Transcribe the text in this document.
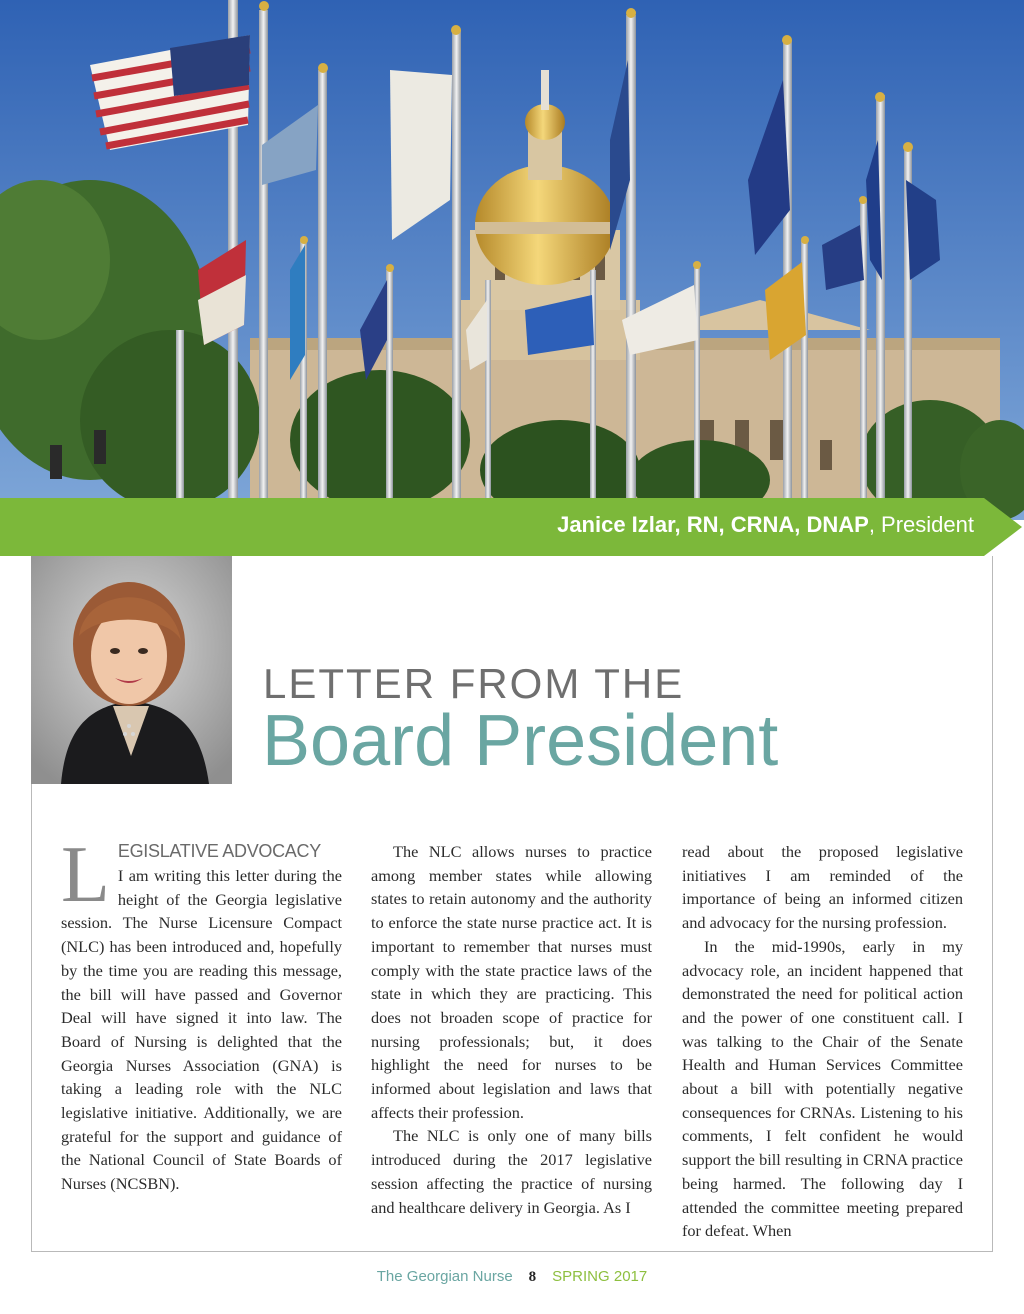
Janice Izlar, RN, CRNA, DNAP, President
LETTER FROM THE
Board President
L EGISLATIVE ADVOCACY

I am writing this letter during the height of the Georgia legislative session. The Nurse Licensure Compact (NLC) has been introduced and, hopefully by the time you are reading this message, the bill will have passed and Governor Deal will have signed it into law. The Board of Nursing is delighted that the Georgia Nurses Association (GNA) is taking a leading role with the NLC legislative initiative. Additionally, we are grateful for the support and guidance of the National Council of State Boards of Nurses (NCSBN).

The NLC allows nurses to practice among member states while allowing states to retain autonomy and the authority to enforce the state nurse practice act. It is important to remember that nurses must comply with the state practice laws of the state in which they are practicing. This does not broaden scope of practice for nursing professionals; but, it does highlight the need for nurses to be informed about legislation and laws that affects their profession.

The NLC is only one of many bills introduced during the 2017 legislative session affecting the practice of nursing and healthcare delivery in Georgia. As I

read about the proposed legislative initiatives I am reminded of the importance of being an informed citizen and advocacy for the nursing profession.

In the mid-1990s, early in my advocacy role, an incident happened that demonstrated the need for political action and the power of one constituent call. I was talking to the Chair of the Senate Health and Human Services Committee about a bill with potentially negative consequences for CRNAs. Listening to his comments, I felt confident he would support the bill resulting in CRNA practice being harmed. The following day I attended the committee meeting prepared for defeat. When

The Georgian Nurse 8 SPRING 2017
